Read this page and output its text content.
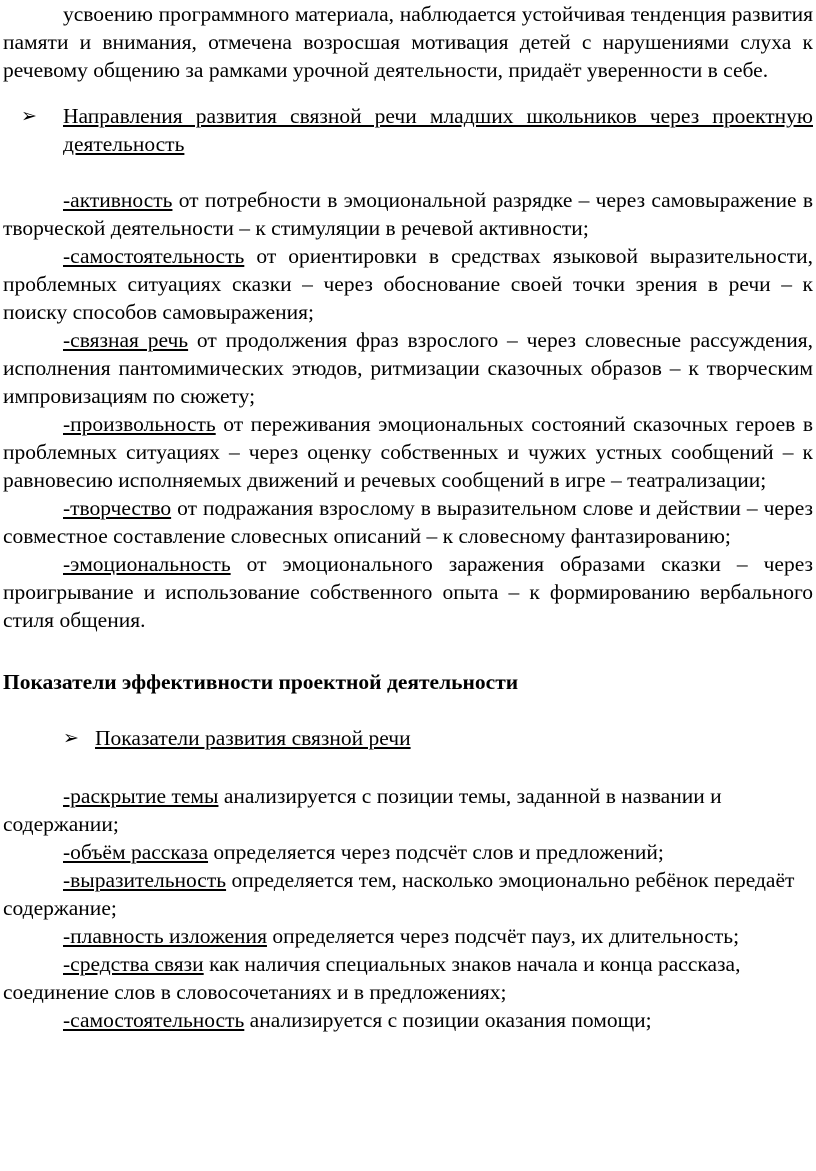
усвоению программного материала, наблюдается устойчивая тенденция развития памяти и внимания, отмечена возросшая мотивация детей с нарушениями слуха к речевому общению за рамками урочной деятельности, придаёт уверенности в себе.

➢ Направления развития связной речи младших школьников через проектную деятельность

-активность от потребности в эмоциональной разрядке – через самовыражение в творческой деятельности – к стимуляции в речевой активности;

-самостоятельность от ориентировки в средствах языковой выразительности, проблемных ситуациях сказки – через обоснование своей точки зрения в речи – к поиску способов самовыражения;

-связная речь от продолжения фраз взрослого – через словесные рассуждения, исполнения пантомимических этюдов, ритмизации сказочных образов – к творческим импровизациям по сюжету;

-произвольность от переживания эмоциональных состояний сказочных героев в проблемных ситуациях – через оценку собственных и чужих устных сообщений – к равновесию исполняемых движений и речевых сообщений в игре – театрализации;

-творчество от подражания взрослому в выразительном слове и действии – через совместное составление словесных описаний – к словесному фантазированию;

-эмоциональность от эмоционального заражения образами сказки – через проигрывание и использование собственного опыта – к формированию вербального стиля общения.

Показатели эффективности проектной деятельности

➢ Показатели развития связной речи

-раскрытие темы анализируется с позиции темы, заданной в названии и содержании;

-объём рассказа определяется через подсчёт слов и предложений;

-выразительность определяется тем, насколько эмоционально ребёнок передаёт содержание;

-плавность изложения определяется через подсчёт пауз, их длительность;

-средства связи как наличия специальных знаков начала и конца рассказа, соединение слов в словосочетаниях и в предложениях;

-самостоятельность анализируется с позиции оказания помощи;
